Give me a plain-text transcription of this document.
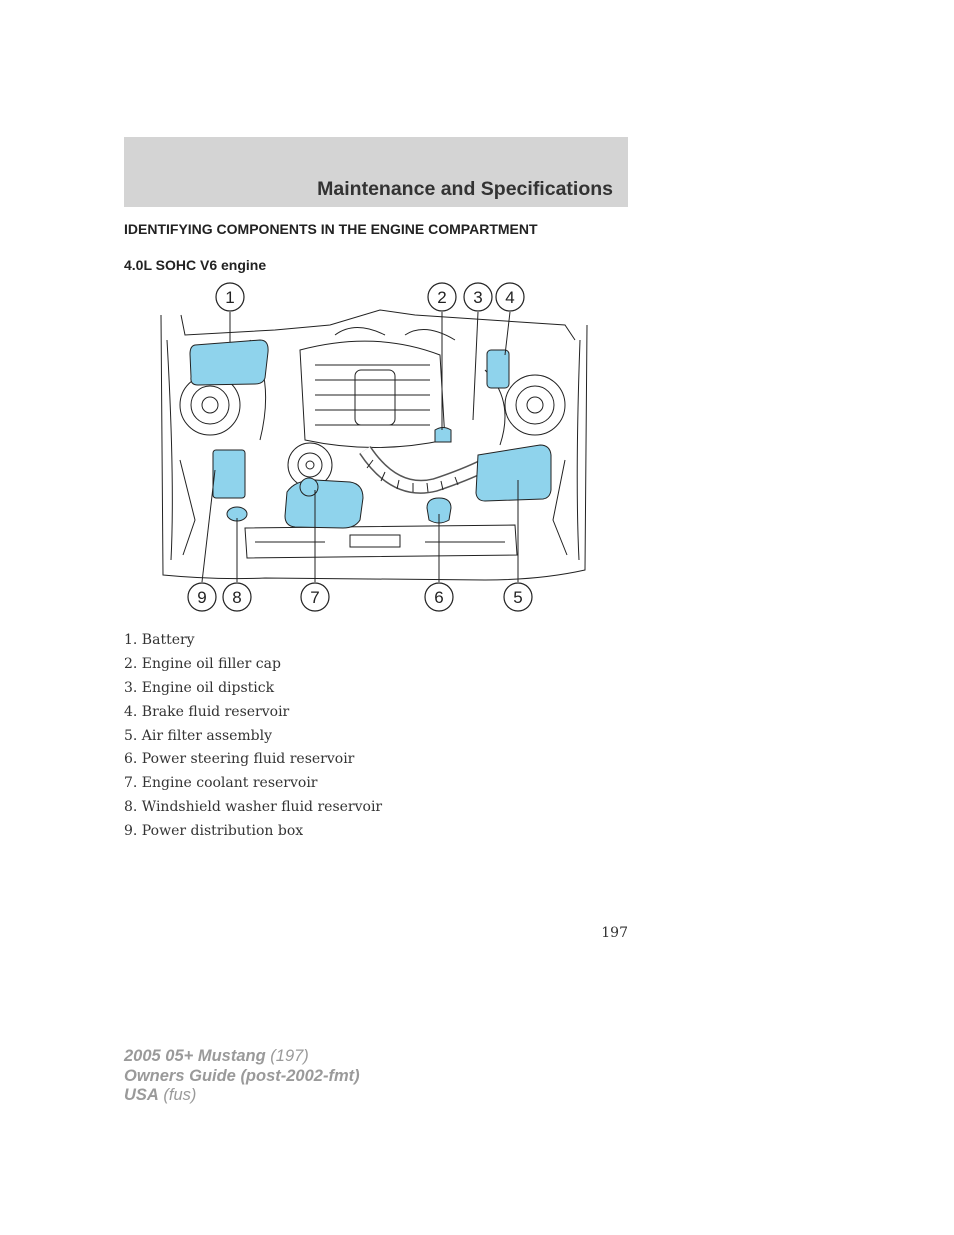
Maintenance and Specifications
IDENTIFYING COMPONENTS IN THE ENGINE COMPARTMENT
4.0L SOHC V6 engine
1	2 3 4
5
6
7
8
9
1. Battery
2. Engine oil filler cap
3. Engine oil dipstick
4. Brake fluid reservoir
5. Air filter assembly
6. Power steering fluid reservoir
7. Engine coolant reservoir
8. Windshield washer fluid reservoir
9. Power distribution box
197
2005 05+ Mustang (197)
Owners Guide (post-2002-fmt)
USA (fus)
